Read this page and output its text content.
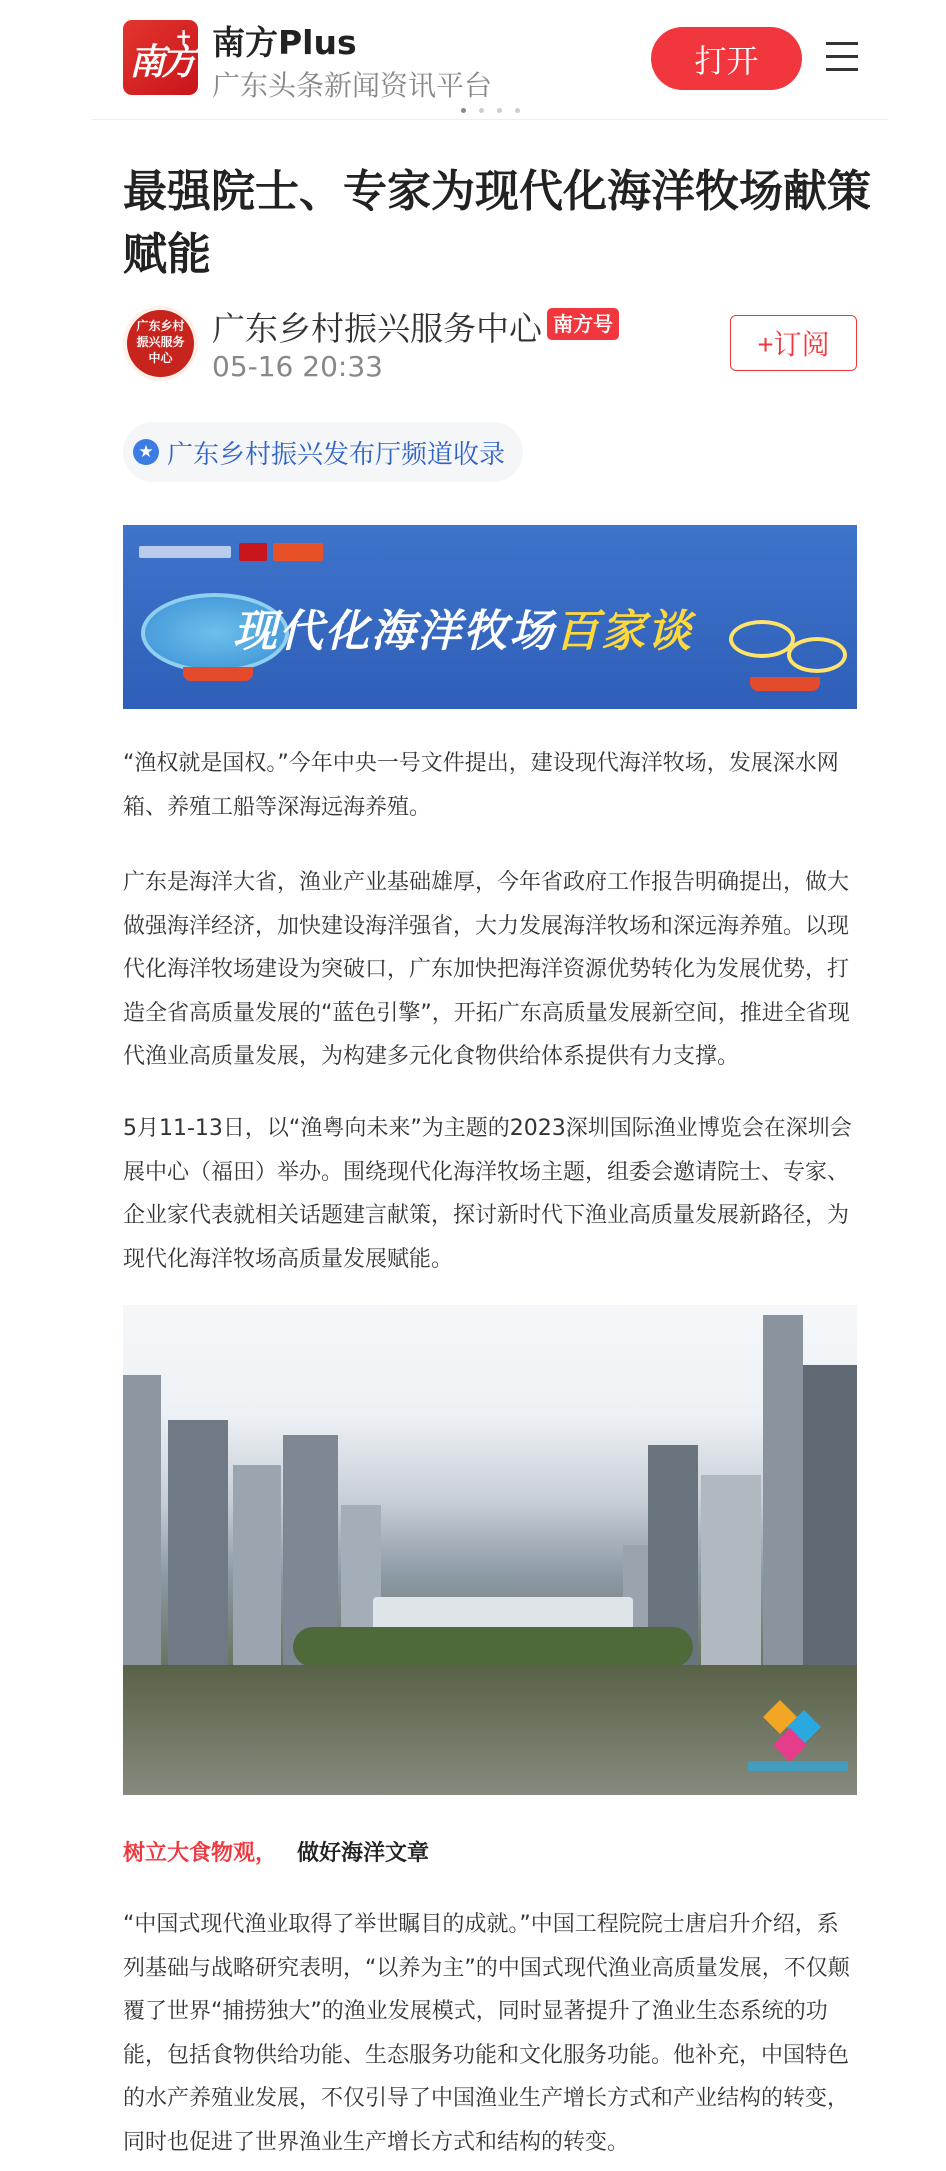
南方
+ 南方Plus
广东头条新闻资讯平台
打开
最强院士、专家为现代化海洋牧场献策赋能
广东乡村振兴服务中心
广东乡村振兴服务中心 南方号
05-16 20:33
+订阅
★ 广东乡村振兴发布厅频道收录
现代化海洋牧场百家谈

“渔权就是国权。”今年中央一号文件提出，建设现代海洋牧场，发展深水网箱、养殖工船等深海远海养殖。

广东是海洋大省，渔业产业基础雄厚，今年省政府工作报告明确提出，做大做强海洋经济，加快建设海洋强省，大力发展海洋牧场和深远海养殖。以现代化海洋牧场建设为突破口，广东加快把海洋资源优势转化为发展优势，打造全省高质量发展的“蓝色引擎”，开拓广东高质量发展新空间，推进全省现代渔业高质量发展，为构建多元化食物供给体系提供有力支撑。

5月11-13日，以“渔粤向未来”为主题的2023深圳国际渔业博览会在深圳会展中心（福田）举办。围绕现代化海洋牧场主题，组委会邀请院士、专家、企业家代表就相关话题建言献策，探讨新时代下渔业高质量发展新路径，为现代化海洋牧场高质量发展赋能。

树立大食物观， 做好海洋文章

“中国式现代渔业取得了举世瞩目的成就。”中国工程院院士唐启升介绍，系列基础与战略研究表明，“以养为主”的中国式现代渔业高质量发展，不仅颠覆了世界“捕捞独大”的渔业发展模式，同时显著提升了渔业生态系统的功能，包括食物供给功能、生态服务功能和文化服务功能。他补充，中国特色的水产养殖业发展，不仅引导了中国渔业生产增长方式和产业结构的转变，同时也促进了世界渔业生产增长方式和结构的转变。
